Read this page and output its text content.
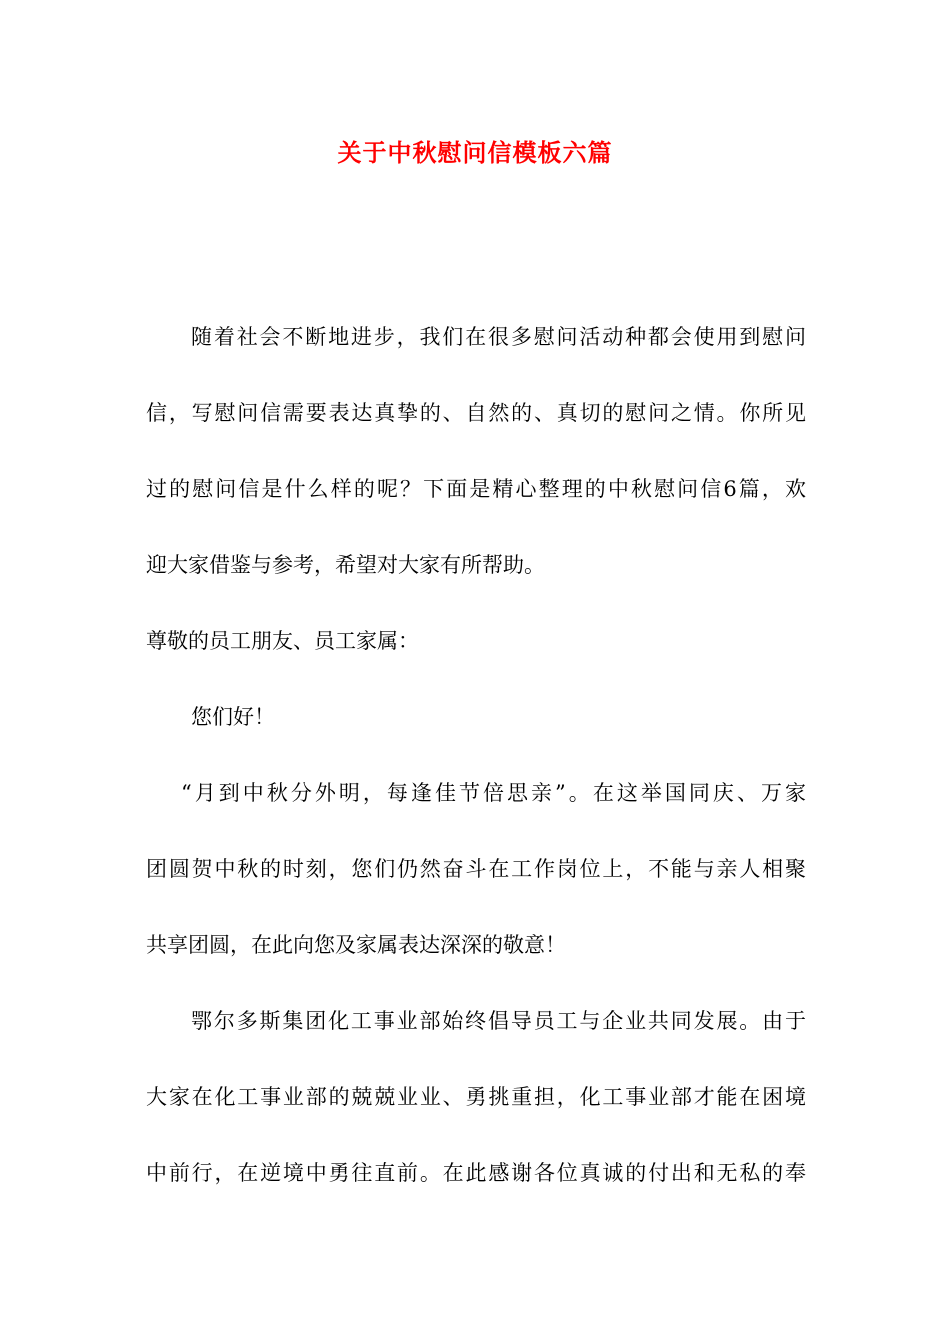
关于中秋慰问信模板六篇

随着社会不断地进步，我们在很多慰问活动种都会使用到慰问

信，写慰问信需要表达真挚的、自然的、真切的慰问之情。你所见

过的慰问信是什么样的呢？下面是精心整理的中秋慰问信6篇，欢

迎大家借鉴与参考，希望对大家有所帮助。

尊敬的员工朋友、员工家属：

您们好！

“月到中秋分外明，每逢佳节倍思亲”。在这举国同庆、万家

团圆贺中秋的时刻，您们仍然奋斗在工作岗位上，不能与亲人相聚

共享团圆，在此向您及家属表达深深的敬意！

鄂尔多斯集团化工事业部始终倡导员工与企业共同发展。由于

大家在化工事业部的兢兢业业、勇挑重担，化工事业部才能在困境

中前行，在逆境中勇往直前。在此感谢各位真诚的付出和无私的奉
